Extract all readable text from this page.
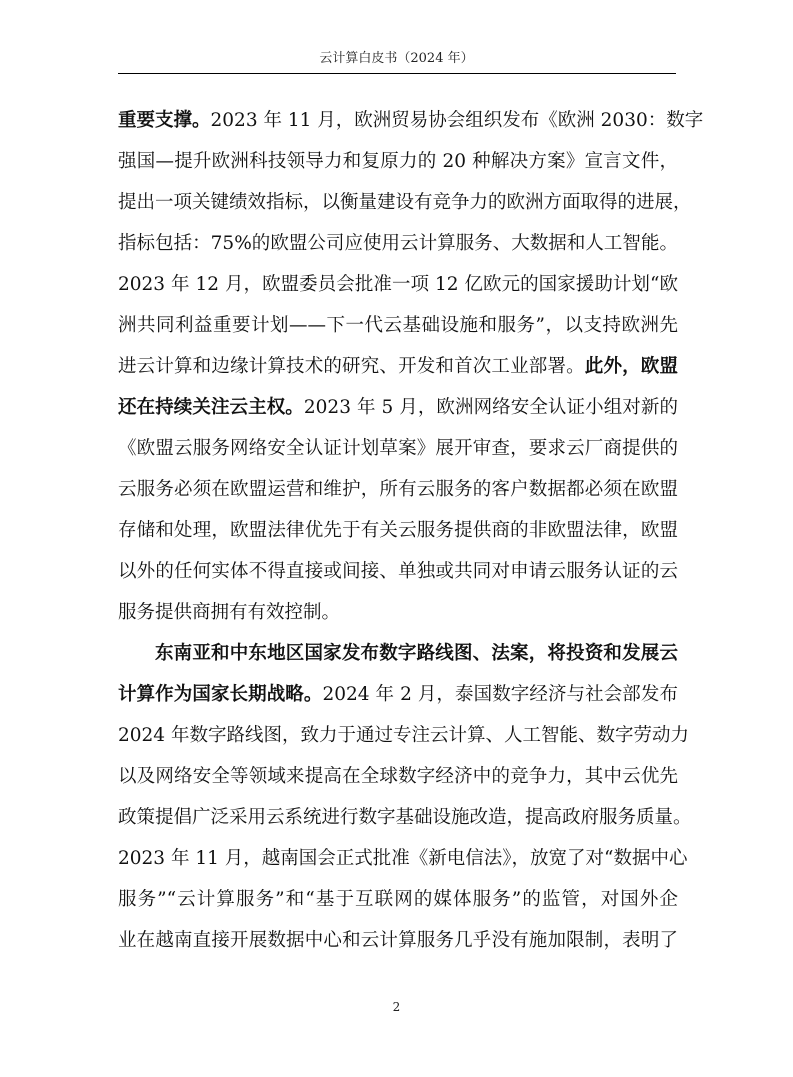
云计算白皮书（2024 年）
重要支撑。2023 年 11 月，欧洲贸易协会组织发布《欧洲 2030：数字
强国—提升欧洲科技领导力和复原力的 20 种解决方案》宣言文件，
提出一项关键绩效指标，以衡量建设有竞争力的欧洲方面取得的进展，
指标包括：75%的欧盟公司应使用云计算服务、大数据和人工智能。
2023 年 12 月，欧盟委员会批准一项 12 亿欧元的国家援助计划“欧
洲共同利益重要计划——下一代云基础设施和服务”，以支持欧洲先
进云计算和边缘计算技术的研究、开发和首次工业部署。此外，欧盟
还在持续关注云主权。2023 年 5 月，欧洲网络安全认证小组对新的
《欧盟云服务网络安全认证计划草案》展开审查，要求云厂商提供的
云服务必须在欧盟运营和维护，所有云服务的客户数据都必须在欧盟
存储和处理，欧盟法律优先于有关云服务提供商的非欧盟法律，欧盟
以外的任何实体不得直接或间接、单独或共同对申请云服务认证的云
服务提供商拥有有效控制。
东南亚和中东地区国家发布数字路线图、法案，将投资和发展云
计算作为国家长期战略。2024 年 2 月，泰国数字经济与社会部发布
2024 年数字路线图，致力于通过专注云计算、人工智能、数字劳动力
以及网络安全等领域来提高在全球数字经济中的竞争力，其中云优先
政策提倡广泛采用云系统进行数字基础设施改造，提高政府服务质量。
2023 年 11 月，越南国会正式批准《新电信法》，放宽了对“数据中心
服务”“云计算服务”和“基于互联网的媒体服务”的监管，对国外企
业在越南直接开展数据中心和云计算服务几乎没有施加限制，表明了
2
